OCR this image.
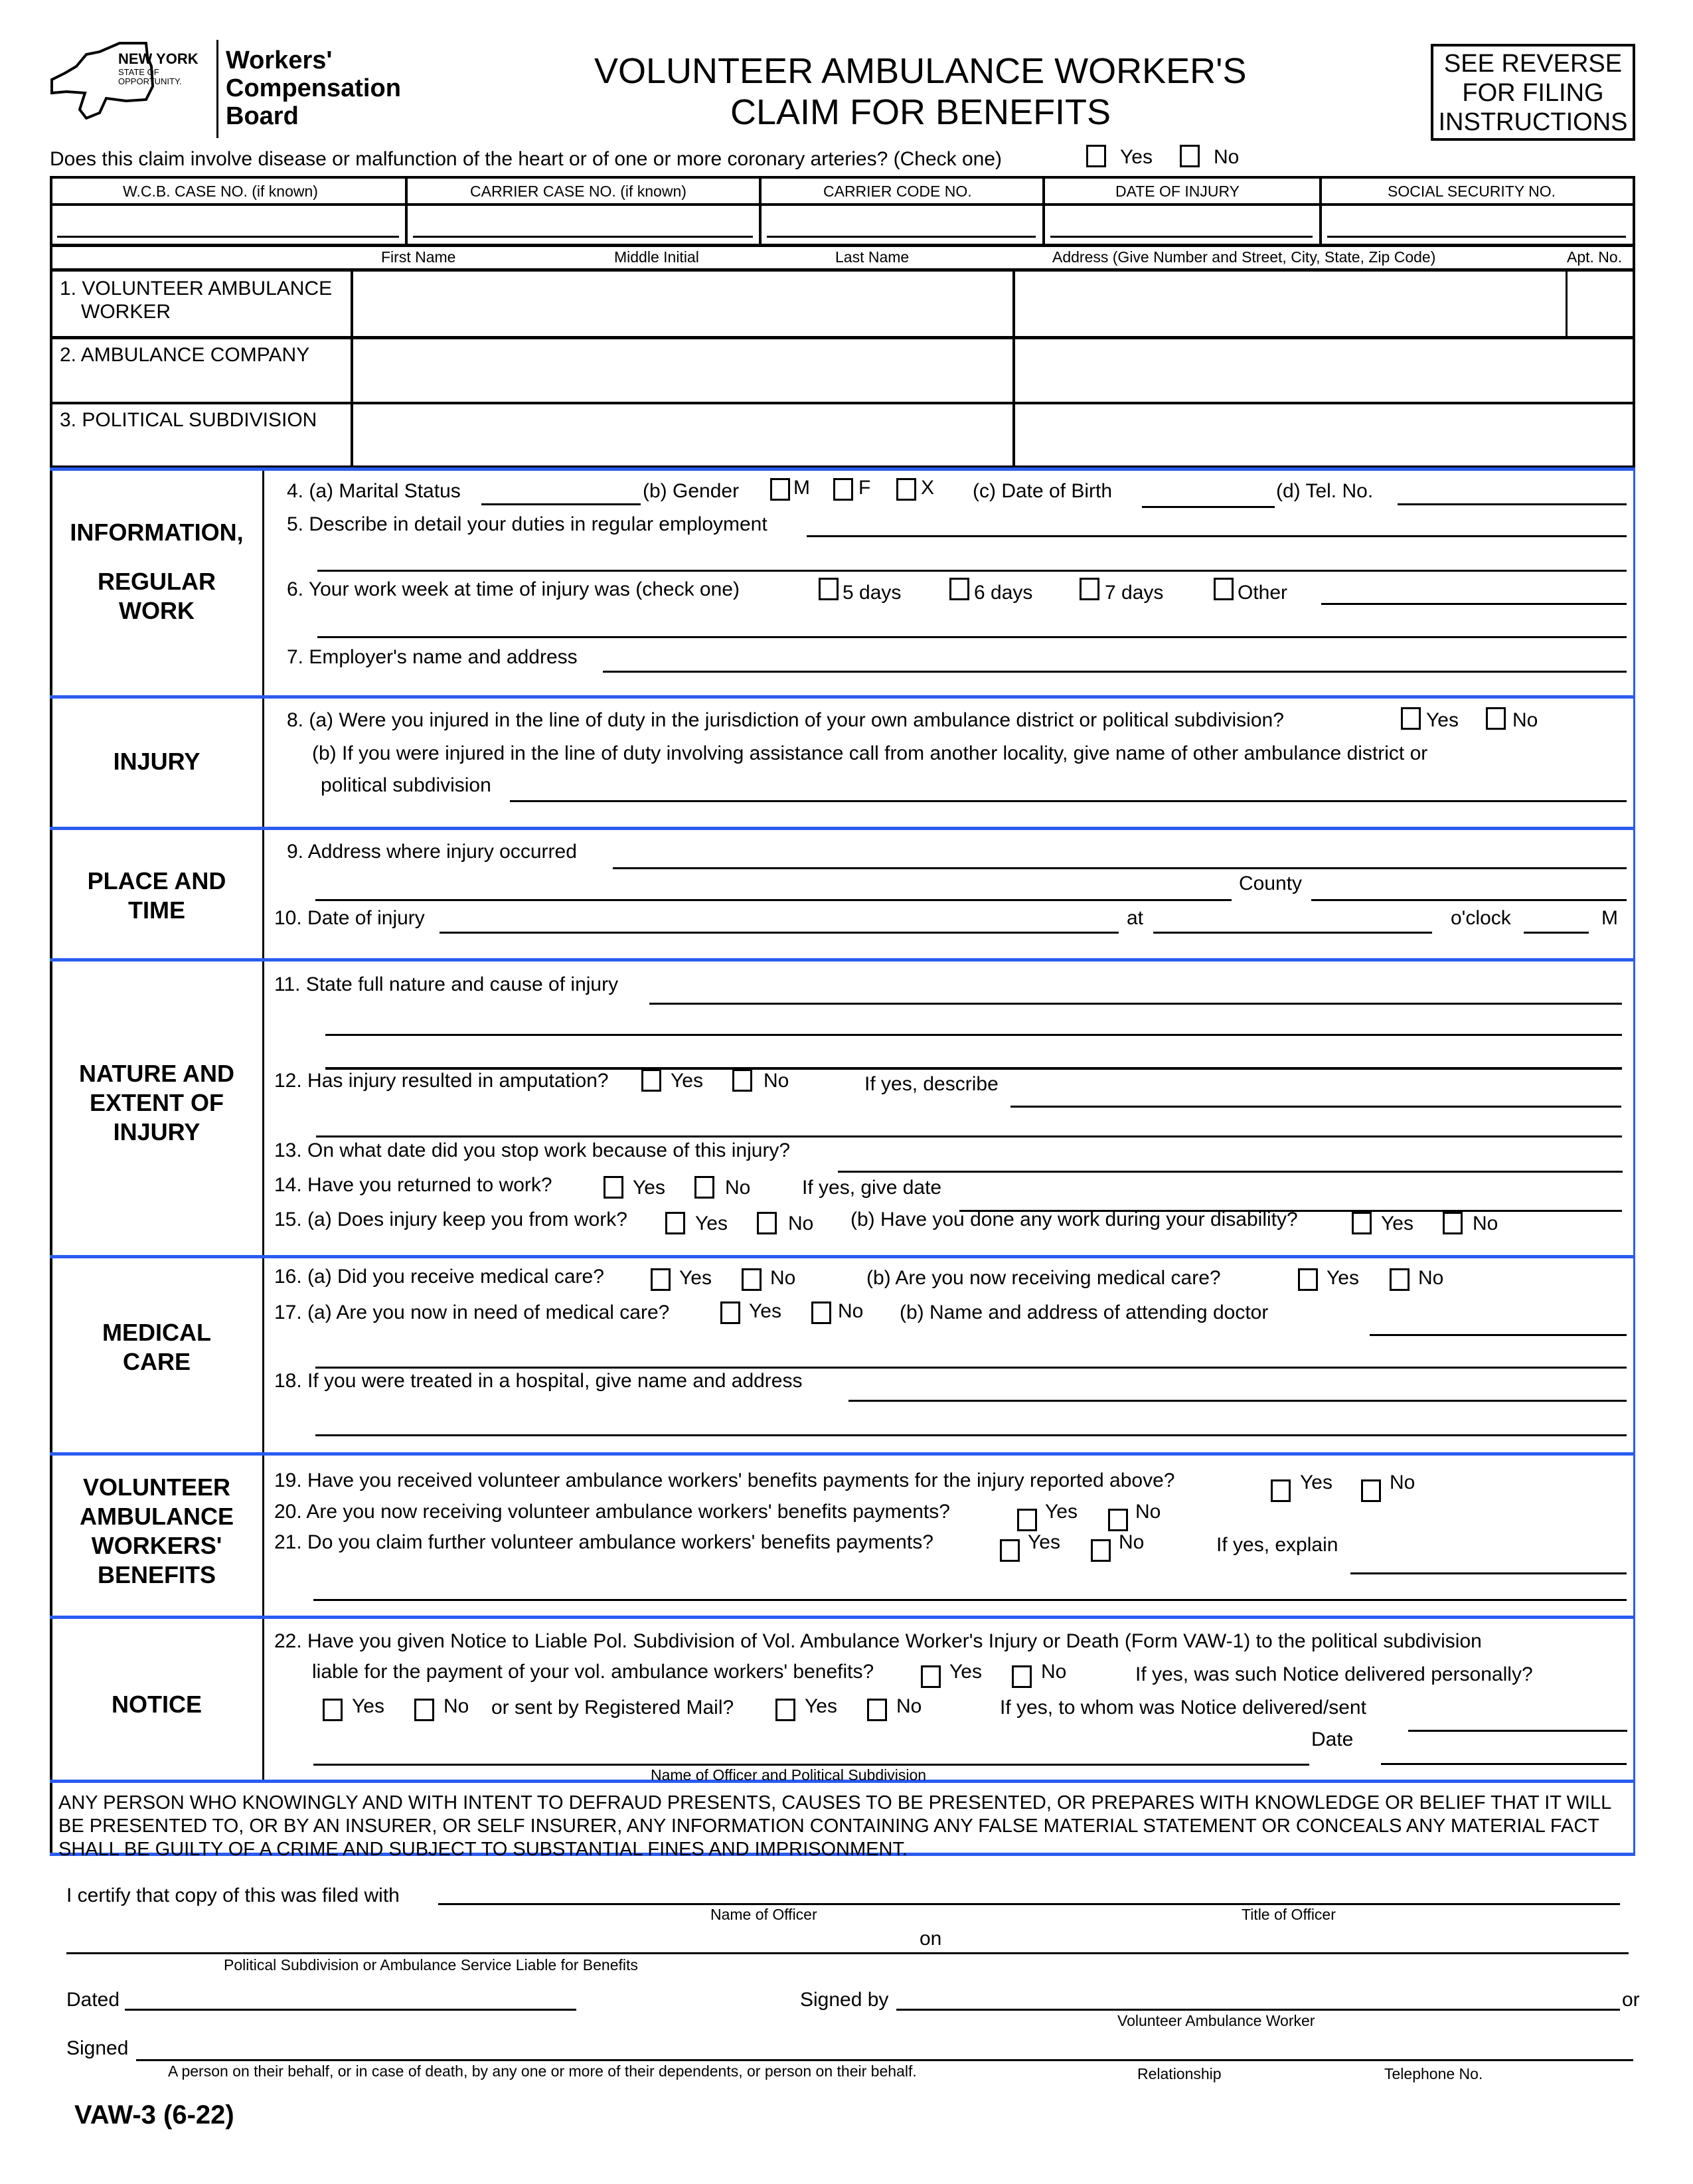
NEW YORK
STATE OF
OPPORTUNITY.
Workers'
Compensation
Board
VOLUNTEER AMBULANCE WORKER'S
CLAIM FOR BENEFITS
SEE REVERSE
FOR FILING
INSTRUCTIONS
Does this claim involve disease or malfunction of the heart or of one or more coronary arteries? (Check one)	Yes	No
W.C.B. CASE NO. (if known)	CARRIER CASE NO. (if known)	CARRIER CODE NO.	DATE OF INJURY	SOCIAL SECURITY NO.
First Name	Middle Initial	Last Name	Address (Give Number and Street, City, State, Zip Code)	Apt. No.
1. VOLUNTEER AMBULANCE
WORKER
2. AMBULANCE COMPANY
3. POLITICAL SUBDIVISION
INFORMATION,
REGULAR
WORK
4. (a) Marital Status	(b) Gender	M F	X (c) Date of Birth	(d) Tel. No.
5. Describe in detail your duties in regular employment
6. Your work week at time of injury was (check one)	5 days	6 days	7 days	Other
7. Employer's name and address
INJURY
8. (a) Were you injured in the line of duty in the jurisdiction of your own ambulance district or political subdivision?	Yes	No
(b) If you were injured in the line of duty involving assistance call from another locality, give name of other ambulance district or
political subdivision
PLACE AND
TIME
9. Address where injury occurred
County
10. Date of injury	at	o'clock	M
NATURE AND
EXTENT OF
INJURY
11. State full nature and cause of injury
12. Has injury resulted in amputation?	Yes	No	If yes, describe
13. On what date did you stop work because of this injury?
14. Have you returned to work?	Yes	No	If yes, give date
15. (a) Does injury keep you from work?	Yes	No (b) Have you done any work during your disability?	Yes	No
MEDICAL
CARE
16. (a) Did you receive medical care?	Yes	No	(b) Are you now receiving medical care?	Yes	No
17. (a) Are you now in need of medical care?	Yes	No (b) Name and address of attending doctor
18. If you were treated in a hospital, give name and address
VOLUNTEER
AMBULANCE
WORKERS'
BENEFITS
19. Have you received volunteer ambulance workers' benefits payments for the injury reported above?	Yes	No
20. Are you now receiving volunteer ambulance workers' benefits payments?	Yes	No
21. Do you claim further volunteer ambulance workers' benefits payments?	Yes	No	If yes, explain
NOTICE
22. Have you given Notice to Liable Pol. Subdivision of Vol. Ambulance Worker's Injury or Death (Form VAW-1) to the political subdivision
liable for the payment of your vol. ambulance workers' benefits?	Yes	No	If yes, was such Notice delivered personally?
Yes	No or sent by Registered Mail?	Yes	No	If yes, to whom was Notice delivered/sent
Date
Name of Officer and Political Subdivision
ANY PERSON WHO KNOWINGLY AND WITH INTENT TO DEFRAUD PRESENTS, CAUSES TO BE PRESENTED, OR PREPARES WITH KNOWLEDGE OR BELIEF THAT IT WILL
BE PRESENTED TO, OR BY AN INSURER, OR SELF INSURER, ANY INFORMATION CONTAINING ANY FALSE MATERIAL STATEMENT OR CONCEALS ANY MATERIAL FACT
SHALL BE GUILTY OF A CRIME AND SUBJECT TO SUBSTANTIAL FINES AND IMPRISONMENT.
I certify that copy of this was filed with
Name of Officer	Title of Officer
on
Political Subdivision or Ambulance Service Liable for Benefits
Dated	Signed by	or
Volunteer Ambulance Worker
Signed
A person on their behalf, or in case of death, by any one or more of their dependents, or person on their behalf.	Relationship	Telephone No.
VAW-3 (6-22)
